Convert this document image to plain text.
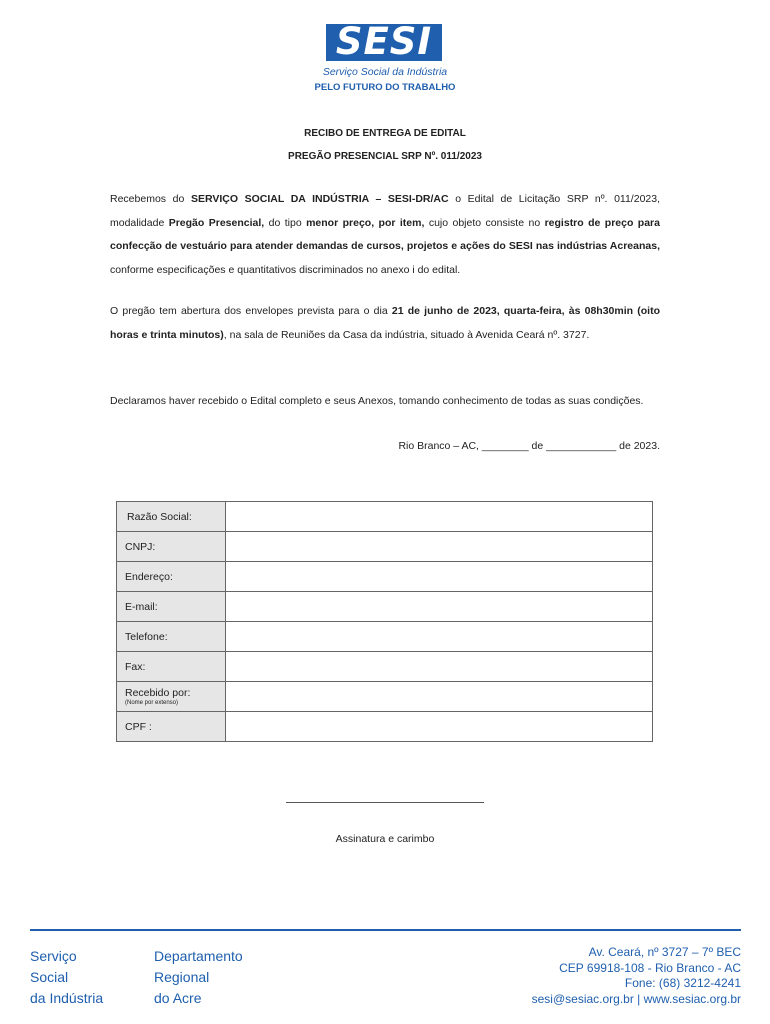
SESI
Serviço Social da Indústria
PELO FUTURO DO TRABALHO
RECIBO DE ENTREGA DE EDITAL
PREGÃO PRESENCIAL SRP Nº. 011/2023
Recebemos do SERVIÇO SOCIAL DA INDÚSTRIA – SESI-DR/AC o Edital de Licitação SRP nº. 011/2023, modalidade Pregão Presencial, do tipo menor preço, por item, cujo objeto consiste no registro de preço para confecção de vestuário para atender demandas de cursos, projetos e ações do SESI nas indústrias Acreanas, conforme especificações e quantitativos discriminados no anexo i do edital.
O pregão tem abertura dos envelopes prevista para o dia 21 de junho de 2023, quarta-feira, às 08h30min (oito horas e trinta minutos), na sala de Reuniões da Casa da indústria, situado à Avenida Ceará nº. 3727.
Declaramos haver recebido o Edital completo e seus Anexos, tomando conhecimento de todas as suas condições.
Rio Branco – AC, ________ de ____________ de 2023.
Razão Social:	
CNPJ:	
Endereço:	
E-mail:	
Telefone:	
Fax:	
Recebido por:
(Nome por extenso)	

CPF :	
Assinatura e carimbo
Serviço
Social
da Indústria
Departamento
Regional
do Acre
Av. Ceará, nº 3727 – 7º BEC
CEP 69918-108 - Rio Branco - AC
Fone: (68) 3212-4241
sesi@sesiac.org.br | www.sesiac.org.br
